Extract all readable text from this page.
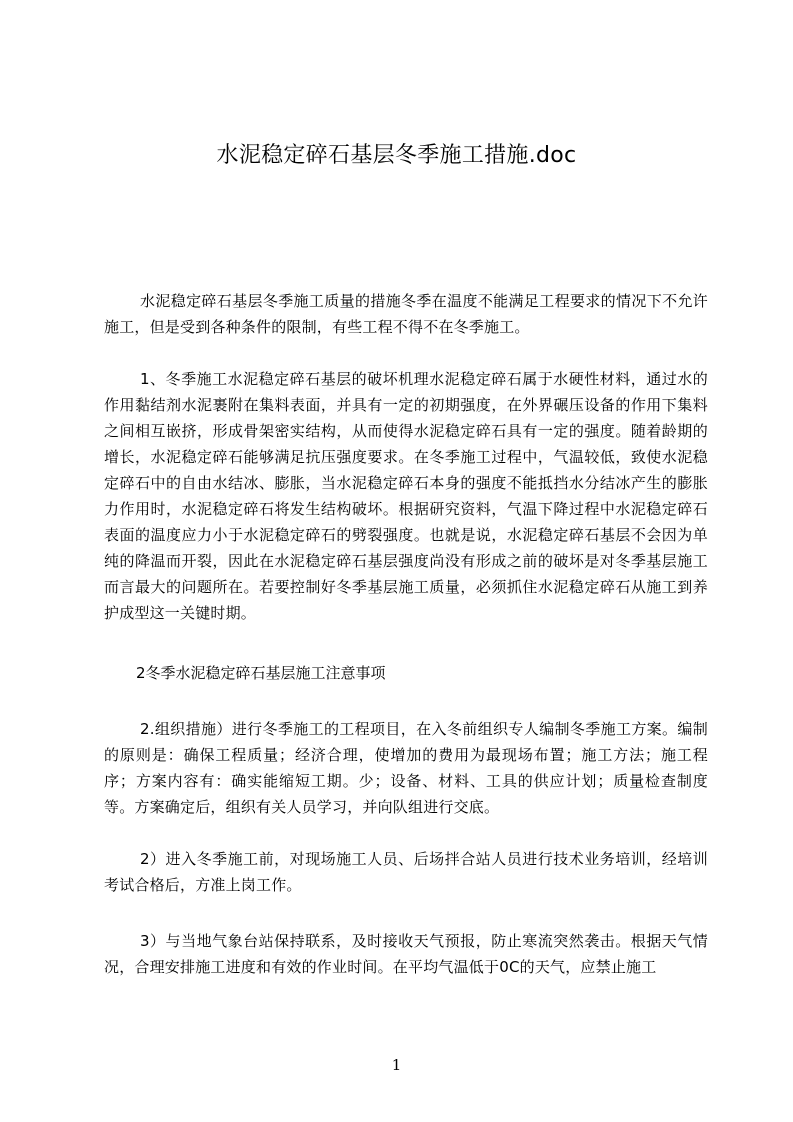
水泥稳定碎石基层冬季施工措施.doc

水泥稳定碎石基层冬季施工质量的措施冬季在温度不能满足工程要求的情况下不允许施工，但是受到各种条件的限制，有些工程不得不在冬季施工。

1、冬季施工水泥稳定碎石基层的破坏机理水泥稳定碎石属于水硬性材料，通过水的作用黏结剂水泥裹附在集料表面，并具有一定的初期强度，在外界碾压设备的作用下集料之间相互嵌挤，形成骨架密实结构，从而使得水泥稳定碎石具有一定的强度。随着龄期的增长，水泥稳定碎石能够满足抗压强度要求。在冬季施工过程中，气温较低，致使水泥稳定碎石中的自由水结冰、膨胀，当水泥稳定碎石本身的强度不能抵挡水分结冰产生的膨胀力作用时，水泥稳定碎石将发生结构破坏。根据研究资料，气温下降过程中水泥稳定碎石表面的温度应力小于水泥稳定碎石的劈裂强度。也就是说，水泥稳定碎石基层不会因为单纯的降温而开裂，因此在水泥稳定碎石基层强度尚没有形成之前的破坏是对冬季基层施工而言最大的问题所在。若要控制好冬季基层施工质量，必须抓住水泥稳定碎石从施工到养护成型这一关键时期。

2冬季水泥稳定碎石基层施工注意事项

2.组织措施）进行冬季施工的工程项目，在入冬前组织专人编制冬季施工方案。编制的原则是：确保工程质量；经济合理，使增加的费用为最现场布置；施工方法；施工程序；方案内容有：确实能缩短工期。少；设备、材料、工具的供应计划；质量检查制度等。方案确定后，组织有关人员学习，并向队组进行交底。

2）进入冬季施工前，对现场施工人员、后场拌合站人员进行技术业务培训，经培训考试合格后，方准上岗工作。

3）与当地气象台站保持联系，及时接收天气预报，防止寒流突然袭击。根据天气情况，合理安排施工进度和有效的作业时间。在平均气温低于0C的天气，应禁止施工

1
